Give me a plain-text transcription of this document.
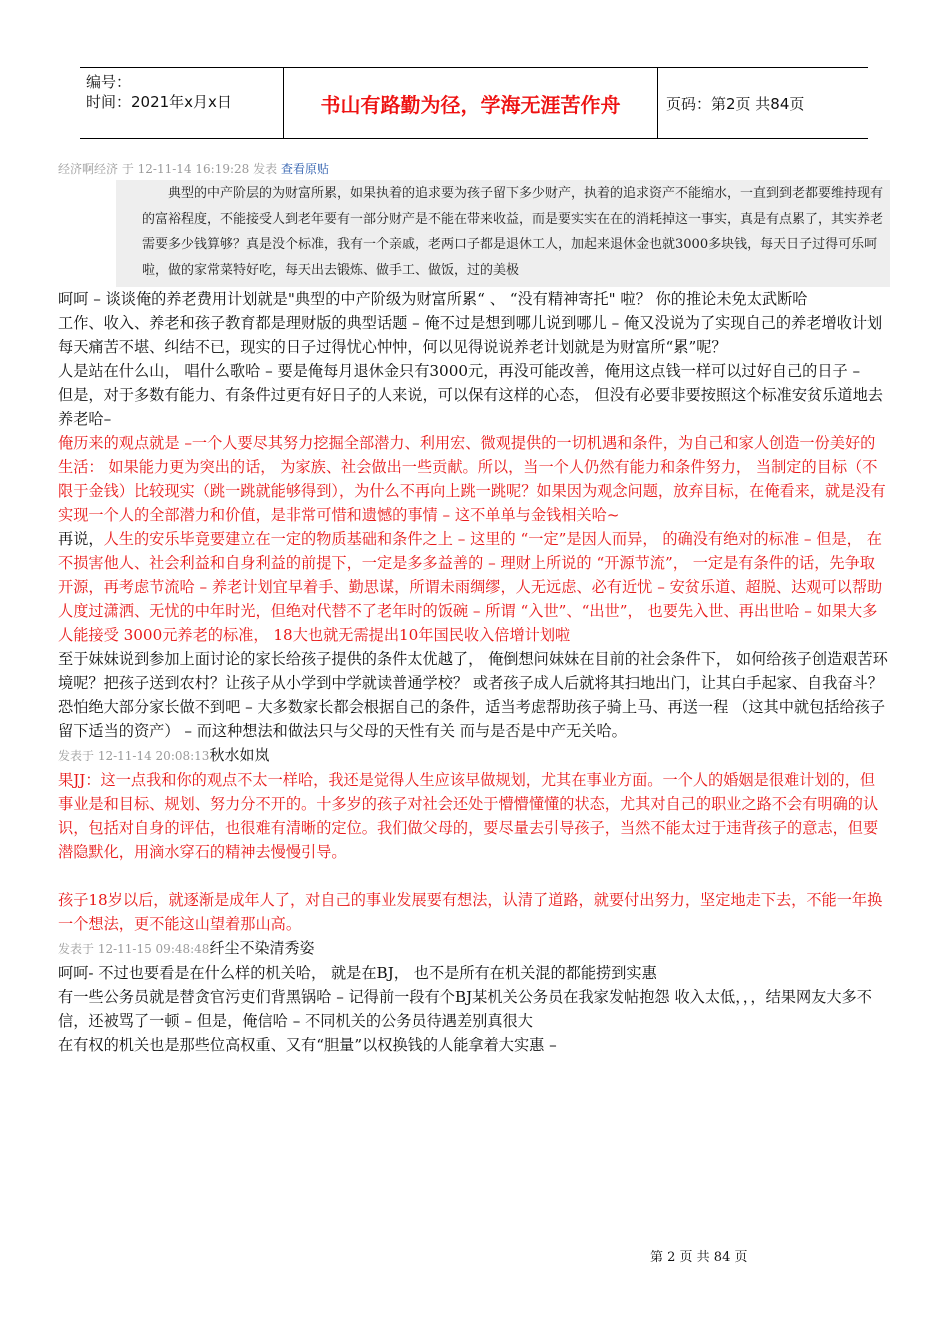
编号：
时间：2021年x月x日	书山有路勤为径，学海无涯苦作舟	页码：第2页 共84页
经济啊经济 于 12-11-14 16:19:28 发表 查看原贴
典型的中产阶层的为财富所累，如果执着的追求要为孩子留下多少财产，执着的追求资产不能缩水，一直到到老都要维持现有的富裕程度，不能接受人到老年要有一部分财产是不能在带来收益，而是要实实在在的消耗掉这一事实，真是有点累了，其实养老需要多少钱算够？真是没个标准，我有一个亲戚，老两口子都是退休工人，加起来退休金也就3000多块钱，每天日子过得可乐呵啦，做的家常菜特好吃，每天出去锻炼、做手工、做饭，过的美极

呵呵 – 谈谈俺的养老费用计划就是"典型的中产阶级为财富所累“ 、 “没有精神寄托" 啦？ 你的推论未免太武断哈

工作、收入、养老和孩子教育都是理财版的典型话题 – 俺不过是想到哪儿说到哪儿 – 俺又没说为了实现自己的养老增收计划每天痛苦不堪、纠结不已，现实的日子过得忧心忡忡，何以见得说说养老计划就是为财富所“累”呢？

人是站在什么山， 唱什么歌哈 – 要是俺每月退休金只有3000元，再没可能改善，俺用这点钱一样可以过好自己的日子 –

但是，对于多数有能力、有条件过更有好日子的人来说，可以保有这样的心态， 但没有必要非要按照这个标准安贫乐道地去养老哈–

俺历来的观点就是 –一个人要尽其努力挖掘全部潜力、利用宏、微观提供的一切机遇和条件，为自己和家人创造一份美好的生活： 如果能力更为突出的话， 为家族、社会做出一些贡献。所以，当一个人仍然有能力和条件努力， 当制定的目标（不限于金钱）比较现实（跳一跳就能够得到），为什么不再向上跳一跳呢？如果因为观念问题，放弃目标，在俺看来，就是没有实现一个人的全部潜力和价值，是非常可惜和遗憾的事情 – 这不单单与金钱相关哈~

再说，人生的安乐毕竟要建立在一定的物质基础和条件之上 – 这里的 “一定”是因人而异， 的确没有绝对的标准 – 但是， 在不损害他人、社会利益和自身利益的前提下，一定是多多益善的 – 理财上所说的 “开源节流”， 一定是有条件的话，先争取开源，再考虑节流哈 – 养老计划宜早着手、勤思谋，所谓未雨绸缪，人无远虑、必有近忧 – 安贫乐道、超脱、达观可以帮助人度过潇洒、无忧的中年时光，但绝对代替不了老年时的饭碗 – 所谓 “入世”、“出世”， 也要先入世、再出世哈 – 如果大多人能接受 3000元养老的标准， 18大也就无需提出10年国民收入倍增计划啦

至于妹妹说到参加上面讨论的家长给孩子提供的条件太优越了， 俺倒想问妹妹在目前的社会条件下， 如何给孩子创造艰苦环境呢？把孩子送到农村？让孩子从小学到中学就读普通学校？ 或者孩子成人后就将其扫地出门，让其白手起家、自我奋斗？恐怕绝大部分家长做不到吧 – 大多数家长都会根据自己的条件，适当考虑帮助孩子骑上马、再送一程 （这其中就包括给孩子留下适当的资产） – 而这种想法和做法只与父母的天性有关 而与是否是中产无关哈。

发表于 12-11-14 20:08:13秋水如岚

果JJ：这一点我和你的观点不太一样哈，我还是觉得人生应该早做规划，尤其在事业方面。一个人的婚姻是很难计划的，但事业是和目标、规划、努力分不开的。十多岁的孩子对社会还处于懵懵懂懂的状态，尤其对自己的职业之路不会有明确的认识，包括对自身的评估，也很难有清晰的定位。我们做父母的，要尽量去引导孩子，当然不能太过于违背孩子的意志，但要潜隐默化，用滴水穿石的精神去慢慢引导。

孩子18岁以后，就逐渐是成年人了，对自己的事业发展要有想法，认清了道路，就要付出努力，坚定地走下去，不能一年换一个想法，更不能这山望着那山高。

发表于 12-11-15 09:48:48纤尘不染清秀姿

呵呵- 不过也要看是在什么样的机关哈， 就是在BJ， 也不是所有在机关混的都能捞到实惠

有一些公务员就是替贪官污吏们背黑锅哈 – 记得前一段有个BJ某机关公务员在我家发帖抱怨 收入太低，，，结果网友大多不信，还被骂了一顿 – 但是，俺信哈 – 不同机关的公务员待遇差别真很大

在有权的机关也是那些位高权重、又有“胆量”以权换钱的人能拿着大实惠 –

第 2 页 共 84 页
